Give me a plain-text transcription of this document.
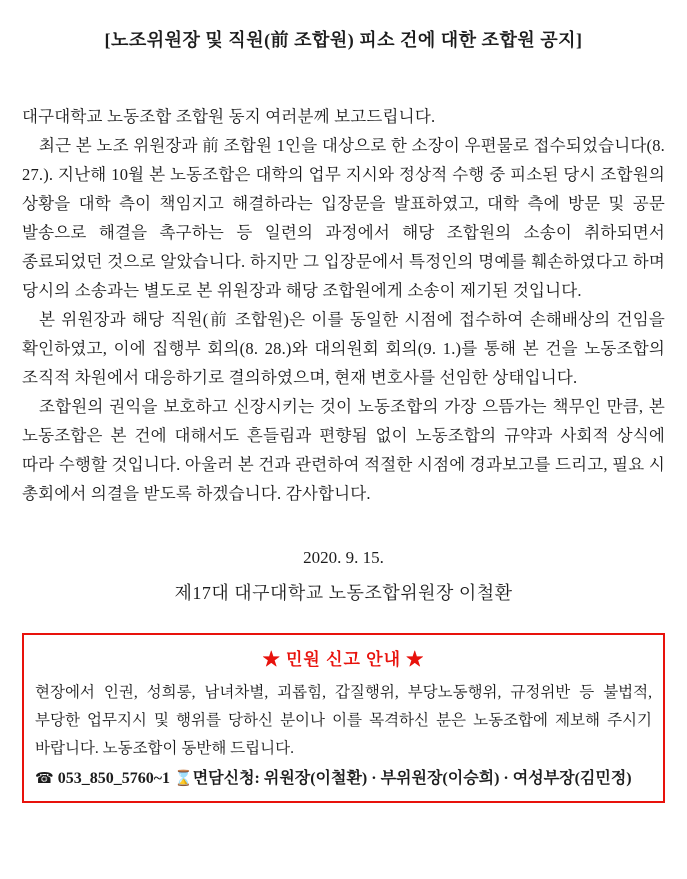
[노조위원장 및 직원(前 조합원) 피소 건에 대한 조합원 공지]

대구대학교 노동조합 조합원 동지 여러분께 보고드립니다.

최근 본 노조 위원장과 前 조합원 1인을 대상으로 한 소장이 우편물로 접수되었습니다(8. 27.). 지난해 10월 본 노동조합은 대학의 업무 지시와 정상적 수행 중 피소된 당시 조합원의 상황을 대학 측이 책임지고 해결하라는 입장문을 발표하였고, 대학 측에 방문 및 공문 발송으로 해결을 촉구하는 등 일련의 과정에서 해당 조합원의 소송이 취하되면서 종료되었던 것으로 알았습니다. 하지만 그 입장문에서 특정인의 명예를 훼손하였다고 하며 당시의 소송과는 별도로 본 위원장과 해당 조합원에게 소송이 제기된 것입니다.

본 위원장과 해당 직원(前 조합원)은 이를 동일한 시점에 접수하여 손해배상의 건임을 확인하였고, 이에 집행부 회의(8. 28.)와 대의원회 회의(9. 1.)를 통해 본 건을 노동조합의 조직적 차원에서 대응하기로 결의하였으며, 현재 변호사를 선임한 상태입니다.

조합원의 권익을 보호하고 신장시키는 것이 노동조합의 가장 으뜸가는 책무인 만큼, 본 노동조합은 본 건에 대해서도 흔들림과 편향됨 없이 노동조합의 규약과 사회적 상식에 따라 수행할 것입니다. 아울러 본 건과 관련하여 적절한 시점에 경과보고를 드리고, 필요 시 총회에서 의결을 받도록 하겠습니다. 감사합니다.

2020. 9. 15.

제17대 대구대학교 노동조합위원장 이철환

★ 민원 신고 안내 ★

현장에서 인권, 성희롱, 남녀차별, 괴롭힘, 갑질행위, 부당노동행위, 규정위반 등 불법적, 부당한 업무지시 및 행위를 당하신 분이나 이를 목격하신 분은 노동조합에 제보해 주시기 바랍니다. 노동조합이 동반해 드립니다.

☎ 053_850_5760~1 ⌛면담신청: 위원장(이철환) · 부위원장(이승희) · 여성부장(김민정)
